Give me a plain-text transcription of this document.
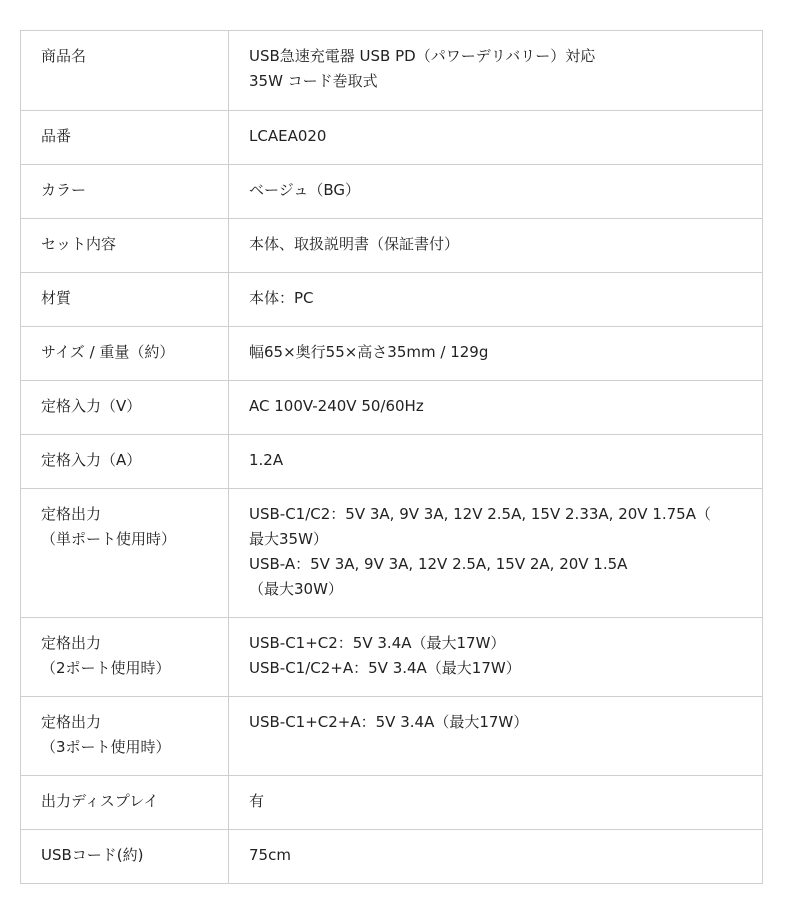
商品名	USB急速充電器 USB PD（パワーデリバリー）対応
35W コード巻取式

品番	LCAEA020

カラー	ベージュ（BG）

セット内容	本体、取扱説明書（保証書付）

材質	本体：PC

サイズ / 重量（約）	幅65×奥行55×高さ35mm / 129g

定格入力（V）	AC 100V-240V 50/60Hz

定格入力（A）	1.2A

定格出力
（単ポート使用時）	USB-C1/C2：5V 3A, 9V 3A, 12V 2.5A, 15V 2.33A, 20V 1.75A（
最大35W）
USB-A：5V 3A, 9V 3A, 12V 2.5A, 15V 2A, 20V 1.5A
（最大30W）

定格出力
（2ポート使用時）	USB-C1+C2：5V 3.4A（最大17W）
USB-C1/C2+A：5V 3.4A（最大17W）

定格出力
（3ポート使用時）	USB-C1+C2+A：5V 3.4A（最大17W）

出力ディスプレイ	有

USBコード(約)	75cm
